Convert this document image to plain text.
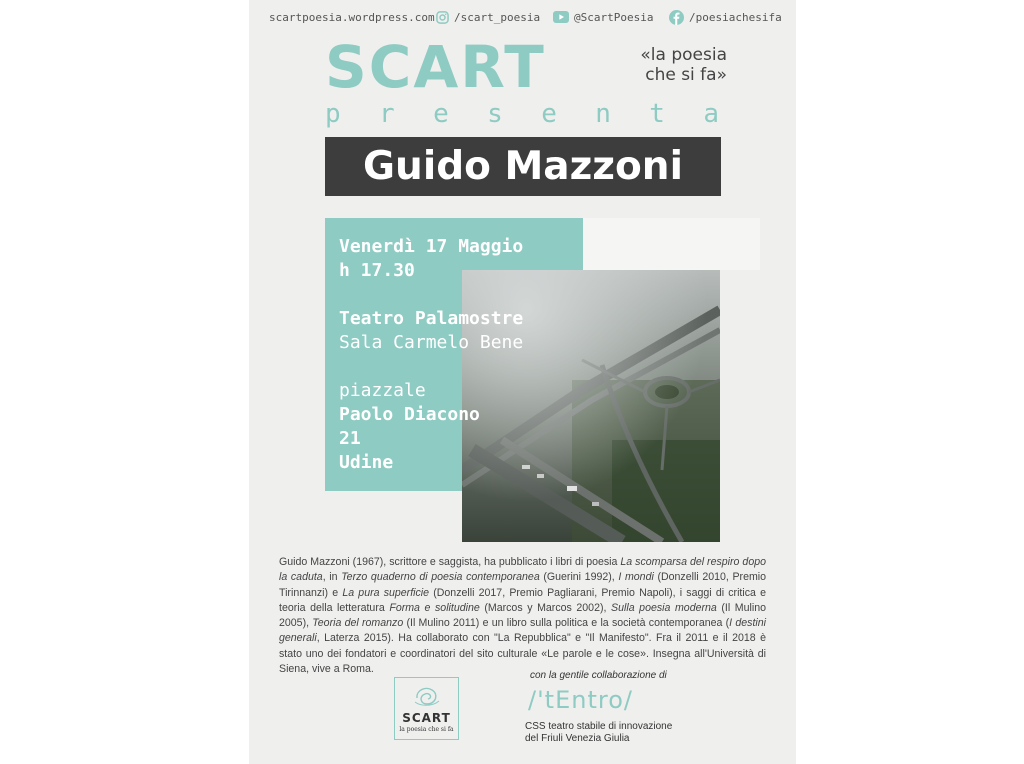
scartpoesia.wordpress.com /scart_poesia	@ScartPoesia	/poesiachesifa
SCART	«la poesia
che si fa»
p r e s e n t a
Guido Mazzoni
Venerdì 17 Maggio
h 17.30
Teatro Palamostre
Sala Carmelo Bene
piazzale
Paolo Diacono
21
Udine
Guido Mazzoni (1967), scrittore e saggista, ha pubblicato i libri di poesia La scomparsa del respiro dopo la caduta, in Terzo quaderno di poesia contemporanea (Guerini 1992), I mondi (Donzelli 2010, Premio Tirinnanzi) e La pura superficie (Donzelli 2017, Premio Pagliarani, Premio Napoli), i saggi di critica e teoria della letteratura Forma e solitudine (Marcos y Marcos 2002), Sulla poesia moderna (Il Mulino 2005), Teoria del romanzo (Il Mulino 2011) e un libro sulla politica e la società contemporanea (I destini generali, Laterza 2015). Ha collaborato con "La Repubblica" e "Il Manifesto". Fra il 2011 e il 2018 è stato uno dei fondatori e coordinatori del sito culturale «Le parole e le cose». Insegna all'Università di Siena, vive a Roma.
SCART
la poesia che si fa
con la gentile collaborazione di
/'tEntro/
CSS teatro stabile di innovazione
del Friuli Venezia Giulia
